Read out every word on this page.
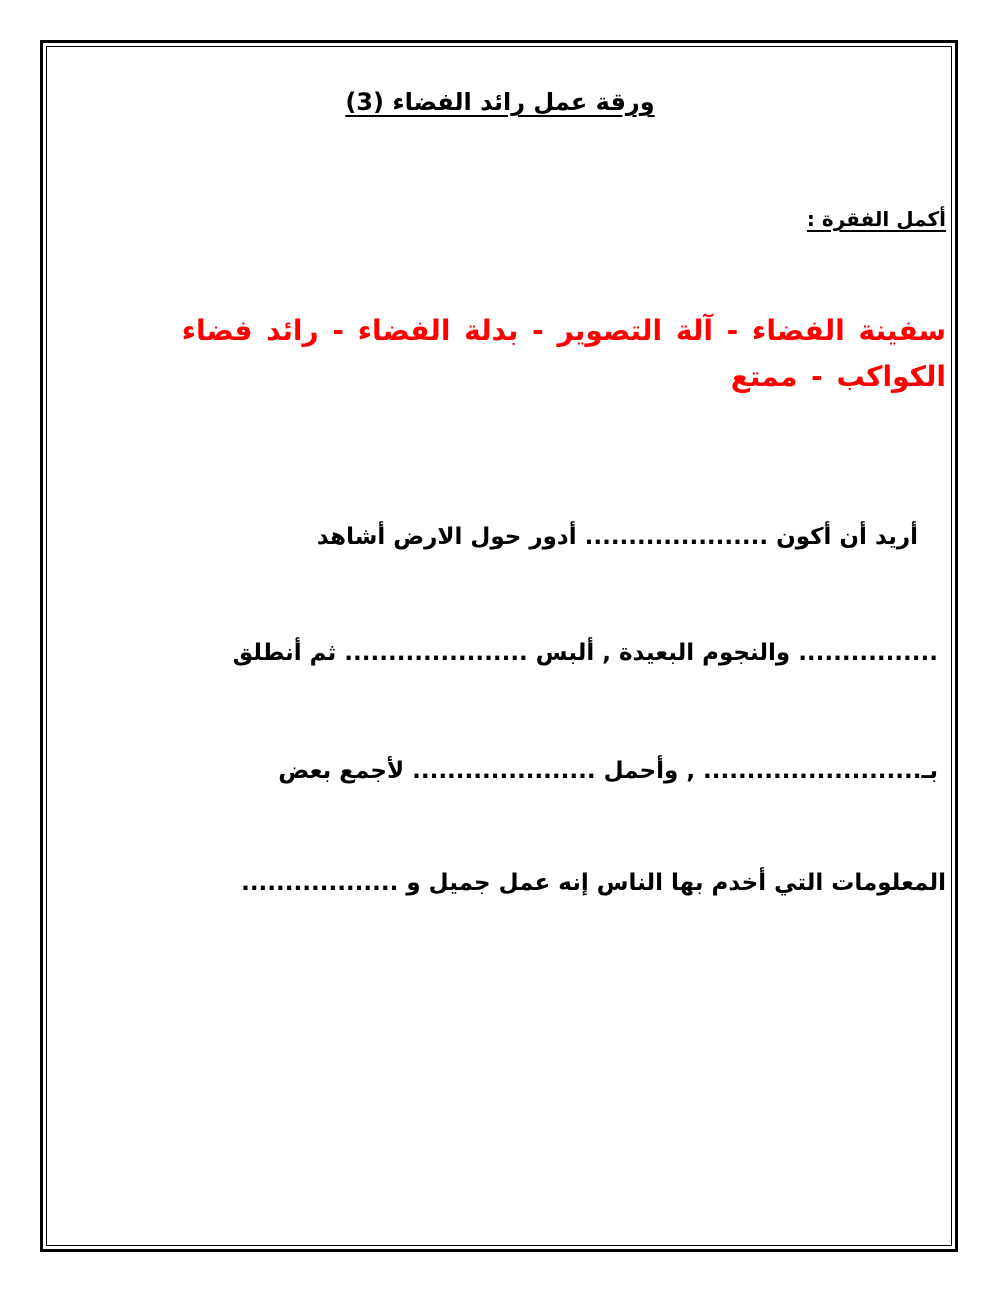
ورقة عمل رائد الفضاء (3)
أكمل الفقرة :
سفينة الفضاء - آلة التصوير - بدلة الفضاء - رائد فضاء الكواكب - ممتع
أريد أن أكون ..................... أدور حول الارض أشاهد
................ والنجوم البعيدة , ألبس ..................... ثم أنطلق
بـ......................... , وأحمل ..................... لأجمع بعض
المعلومات التي أخدم بها الناس إنه عمل جميل و ..................
